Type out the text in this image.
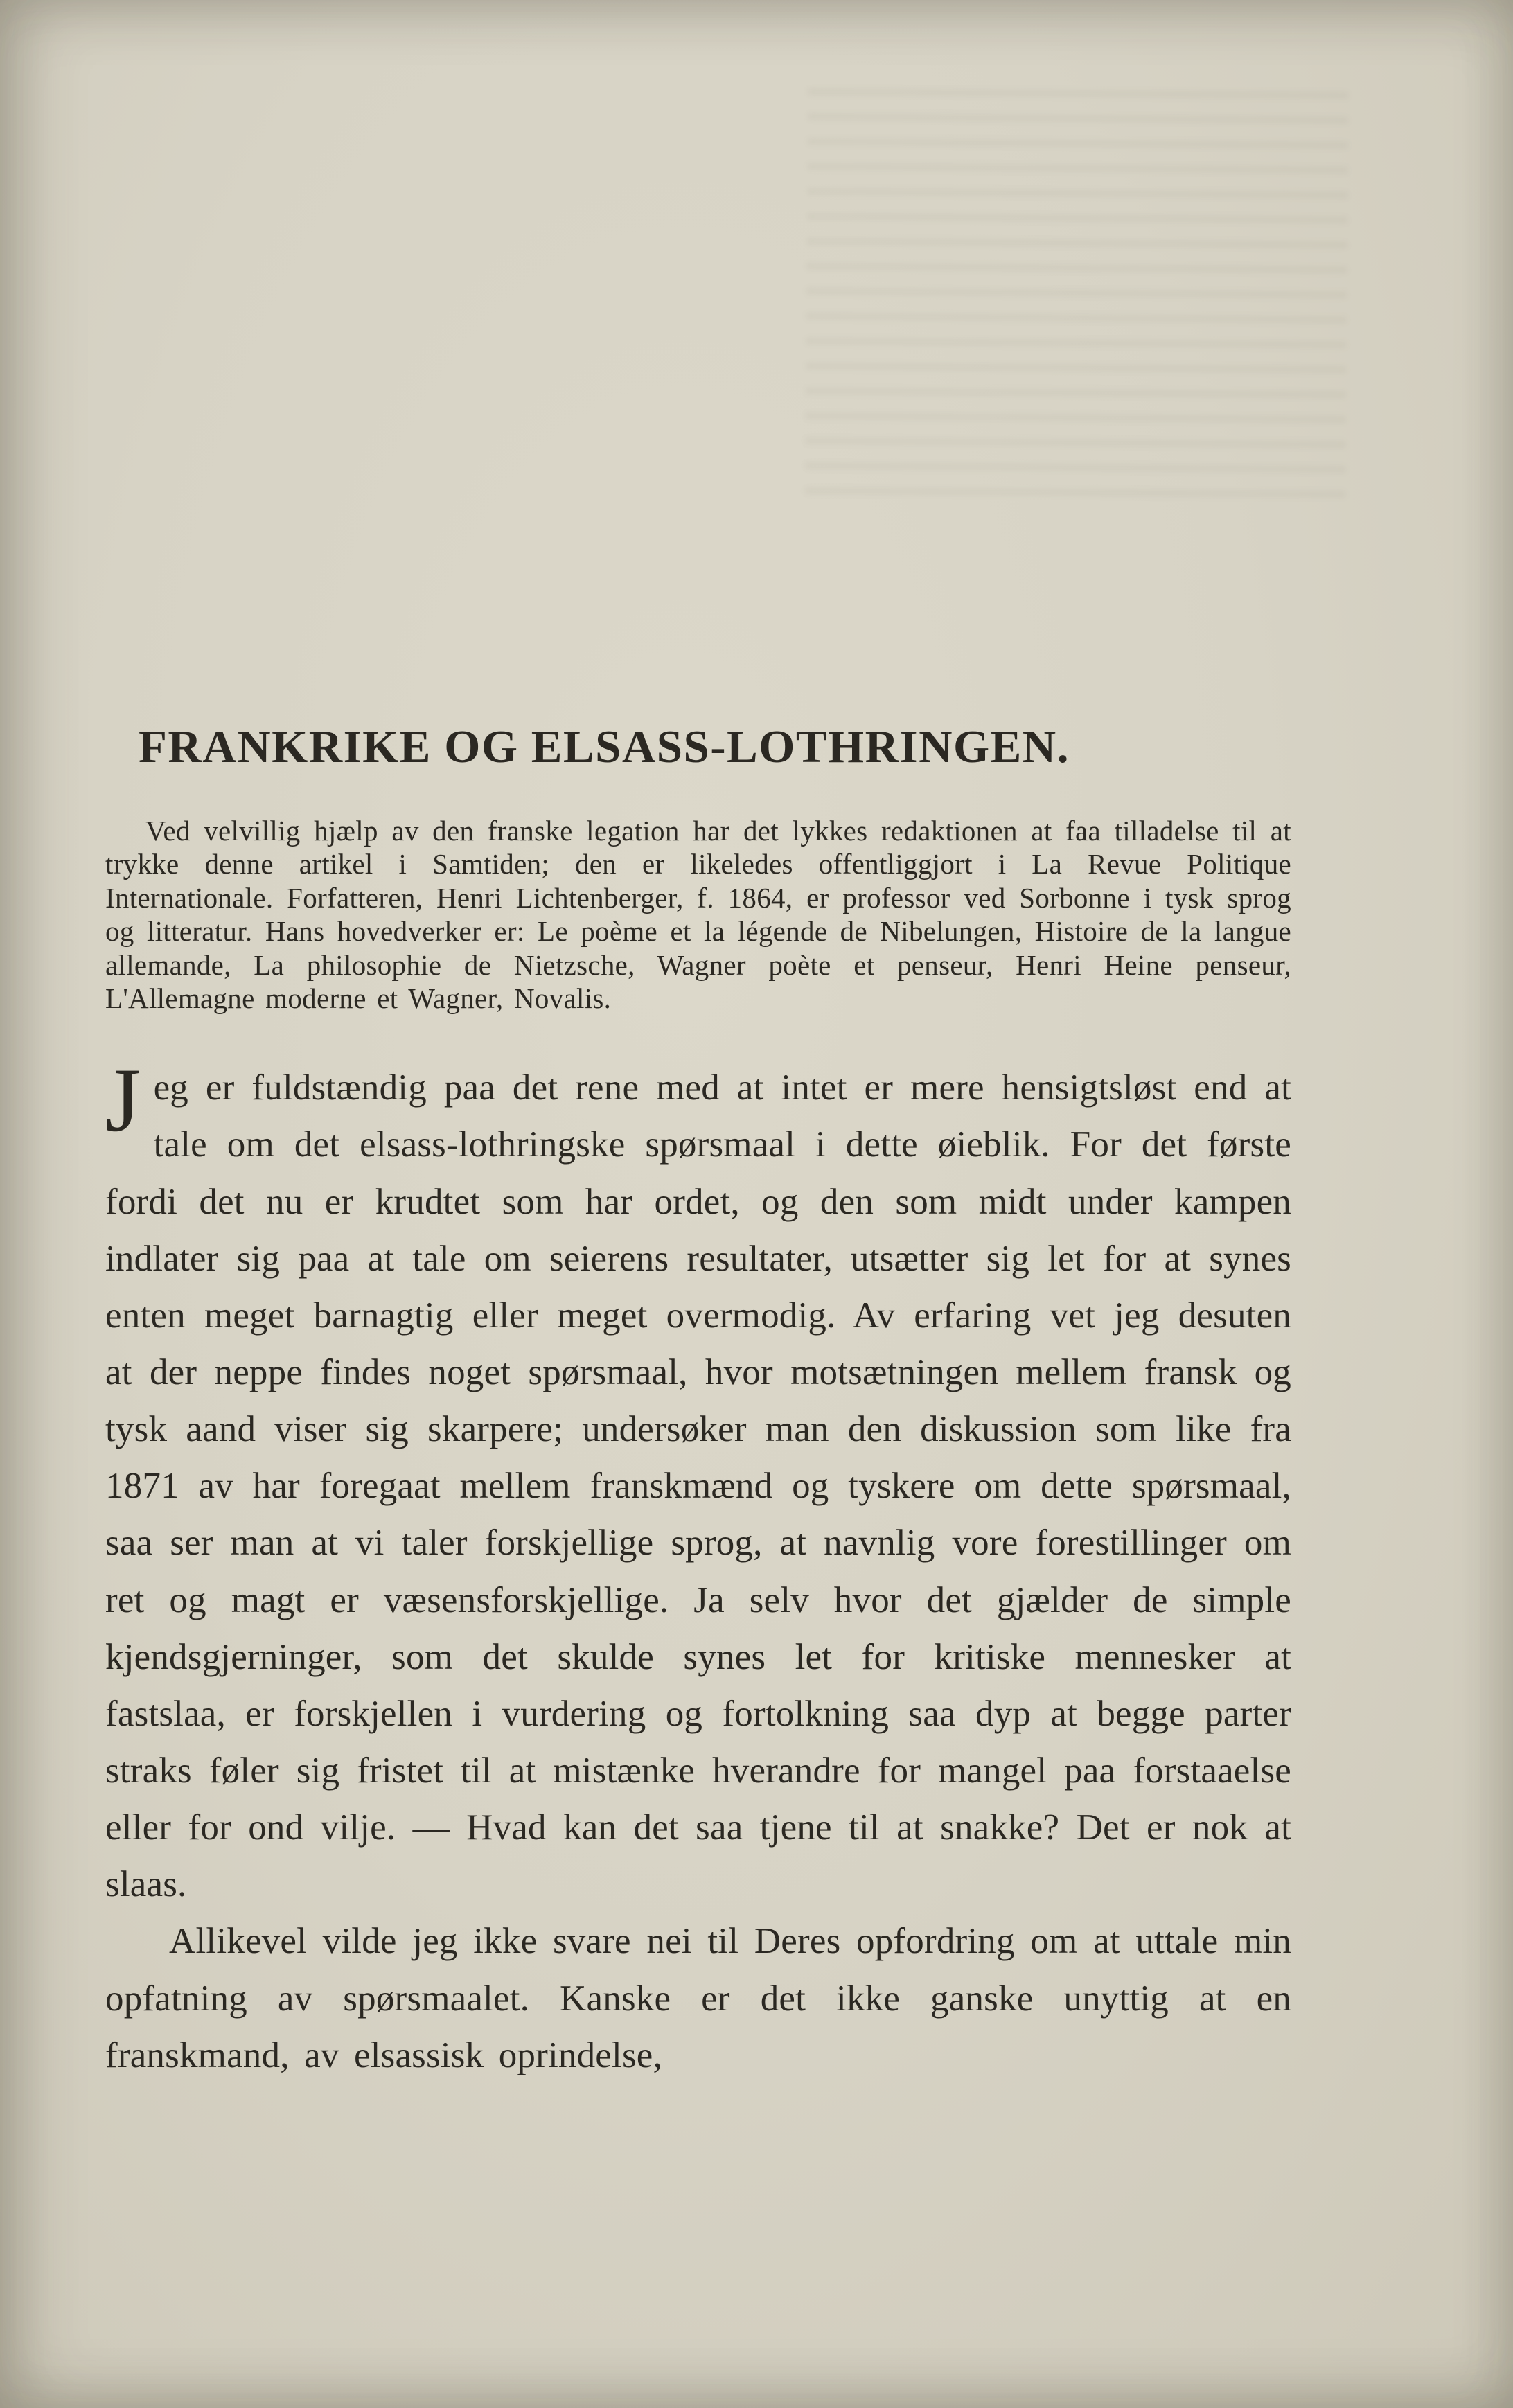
FRANKRIKE OG ELSASS-LOTHRINGEN.

Ved velvillig hjælp av den franske legation har det lykkes redaktionen at faa tilladelse til at trykke denne artikel i Samtiden; den er likeledes offentliggjort i La Revue Politique Internationale. Forfatteren, Henri Lichtenberger, f. 1864, er professor ved Sorbonne i tysk sprog og litteratur. Hans hovedverker er: Le poème et la légende de Nibelungen, Histoire de la langue allemande, La philosophie de Nietzsche, Wagner poète et penseur, Henri Heine penseur, L'Allemagne moderne et Wagner, Novalis.

Jeg er fuldstændig paa det rene med at intet er mere hensigtsløst end at tale om det elsass-lothringske spørsmaal i dette øieblik. For det første fordi det nu er krudtet som har ordet, og den som midt under kampen indlater sig paa at tale om seierens resultater, utsætter sig let for at synes enten meget barnagtig eller meget overmodig. Av erfaring vet jeg desuten at der neppe findes noget spørsmaal, hvor motsætningen mellem fransk og tysk aand viser sig skarpere; undersøker man den diskussion som like fra 1871 av har foregaat mellem franskmænd og tyskere om dette spørsmaal, saa ser man at vi taler forskjellige sprog, at navnlig vore forestillinger om ret og magt er væsensforskjellige. Ja selv hvor det gjælder de simple kjendsgjerninger, som det skulde synes let for kritiske mennesker at fastslaa, er forskjellen i vurdering og fortolkning saa dyp at begge parter straks føler sig fristet til at mistænke hverandre for mangel paa forstaaelse eller for ond vilje. — Hvad kan det saa tjene til at snakke? Det er nok at slaas.

Allikevel vilde jeg ikke svare nei til Deres opfordring om at uttale min opfatning av spørsmaalet. Kanske er det ikke ganske unyttig at en franskmand, av elsassisk oprindelse,
